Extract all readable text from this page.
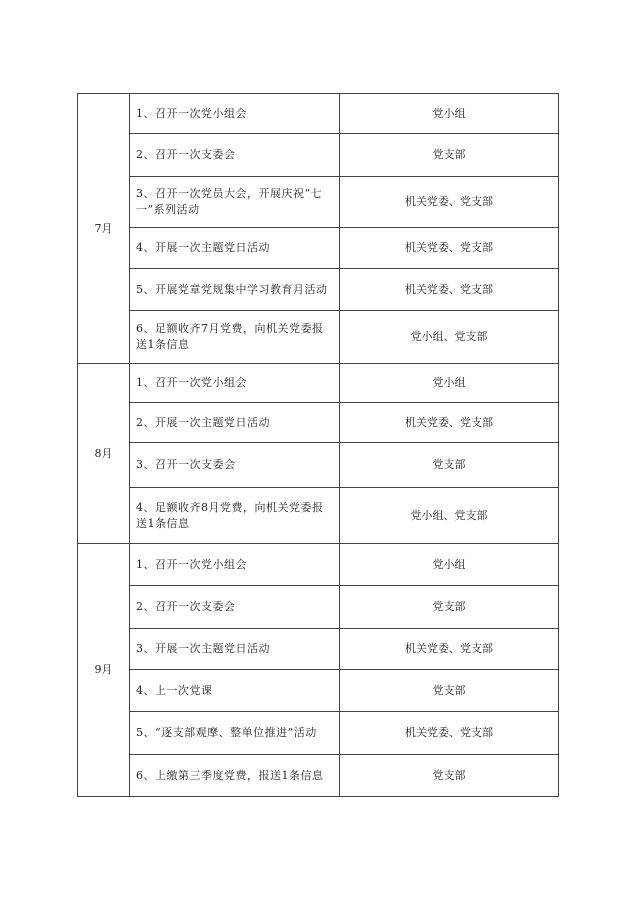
7月	1、召开一次党小组会	党小组
	2、召开一次支委会	党支部
	3、召开一次党员大会，开展庆祝“七一”系列活动	机关党委、党支部
	4、开展一次主题党日活动	机关党委、党支部
	5、开展党章党规集中学习教育月活动	机关党委、党支部
	6、足额收齐7月党费，向机关党委报送1条信息	党小组、党支部
8月	1、召开一次党小组会	党小组
	2、开展一次主题党日活动	机关党委、党支部
	3、召开一次支委会	党支部
	4、足额收齐8月党费，向机关党委报送1条信息	党小组、党支部
9月	1、召开一次党小组会	党小组
	2、召开一次支委会	党支部
	3、开展一次主题党日活动	机关党委、党支部
	4、上一次党课	党支部
	5、“逐支部观摩、整单位推进”活动	机关党委、党支部
	6、上缴第三季度党费，报送1条信息	党支部
